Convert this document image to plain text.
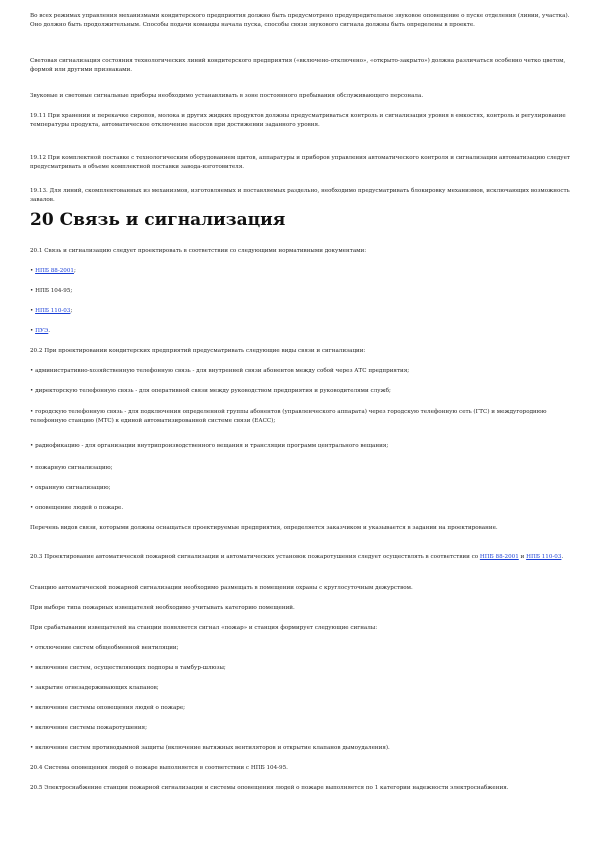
Во всех режимах управления механизмами кондитерского предприятия должно быть предусмотрено предупредительное звуковое оповещение о пуске отделения (линии, участка). Оно должно быть продолжительным. Способы подачи команды начала пуска, способы связи звукового сигнала должны быть определены в проекте.

Световая сигнализация состояния технологических линий кондитерского предприятия («включено-отключено», «открыто-закрыто») должна различаться особенно четко цветом, формой или другими признаками.

Звуковые и световые сигнальные приборы необходимо устанавливать в зоне постоянного пребывания обслуживающего персонала.

19.11 При хранении и перекачке сиропов, молока и других жидких продуктов должны предусматриваться контроль и сигнализация уровня в емкостях, контроль и регулирование температуры продукта, автоматическое отключение насосов при достижении заданного уровня.

19.12 При комплектной поставке с технологическим оборудованием щитов, аппаратуры и приборов управления автоматического контроля и сигнализации автоматизацию следует предусматривать в объеме комплектной поставки завода-изготовителя.

19.13. Для линий, скомплектованных из механизмов, изготовляемых и поставляемых раздельно, необходимо предусматривать блокировку механизмов, исключающих возможность завалов.

20 Связь и сигнализация

20.1 Связь и сигнализацию следует проектировать в соответствии со следующими нормативными документами:

• НПБ 88-2001;

• НПБ 104-95;

• НПБ 110-03;

• ПУЭ.

20.2 При проектировании кондитерских предприятий предусматривать следующие виды связи и сигнализации:

• административно-хозяйственную телефонную связь - для внутренней связи абонентов между собой через АТС предприятия;

• директорскую телефонную связь - для оперативной связи между руководством предприятия и руководителями служб;

• городскую телефонную связь - для подключения определенной группы абонентов (управленческого аппарата) через городскую телефонную сеть (ГТС) и междугороднюю телефонную станцию (МТС) к единой автоматизированной системе связи (ЕАСС);

• радиофикацию - для организации внутрипроизводственного вещания и трансляции программ центрального вещания;

• пожарную сигнализацию;

• охранную сигнализацию;

• оповещение людей о пожаре.

Перечень видов связи, которыми должны оснащаться проектируемые предприятия, определяется заказчиком и указывается в задании на проектирование.

20.3 Проектирование автоматической пожарной сигнализации и автоматических установок пожаротушения следует осуществлять в соответствии со НПБ 88-2001 и НПБ 110-03.

Станцию автоматической пожарной сигнализации необходимо размещать в помещении охраны с круглосуточным дежурством.

При выборе типа пожарных извещателей необходимо учитывать категорию помещений.

При срабатывании извещателей на станции появляется сигнал «пожар» и станция формирует следующие сигналы:

• отключение систем общеобменной вентиляции;

• включение систем, осуществляющих подпоры в тамбур-шлюзы;

• закрытие огнезадерживающих клапанов;

• включение системы оповещения людей о пожаре;

• включение системы пожаротушения;

• включение систем противодымной защиты (включение вытяжных вентиляторов и открытие клапанов дымоудаления).

20.4 Система оповещения людей о пожаре выполняется в соответствии с НПБ 104-95.

20.5 Электроснабжение станции пожарной сигнализации и системы оповещения людей о пожаре выполняется по 1 категории надежности электроснабжения.
